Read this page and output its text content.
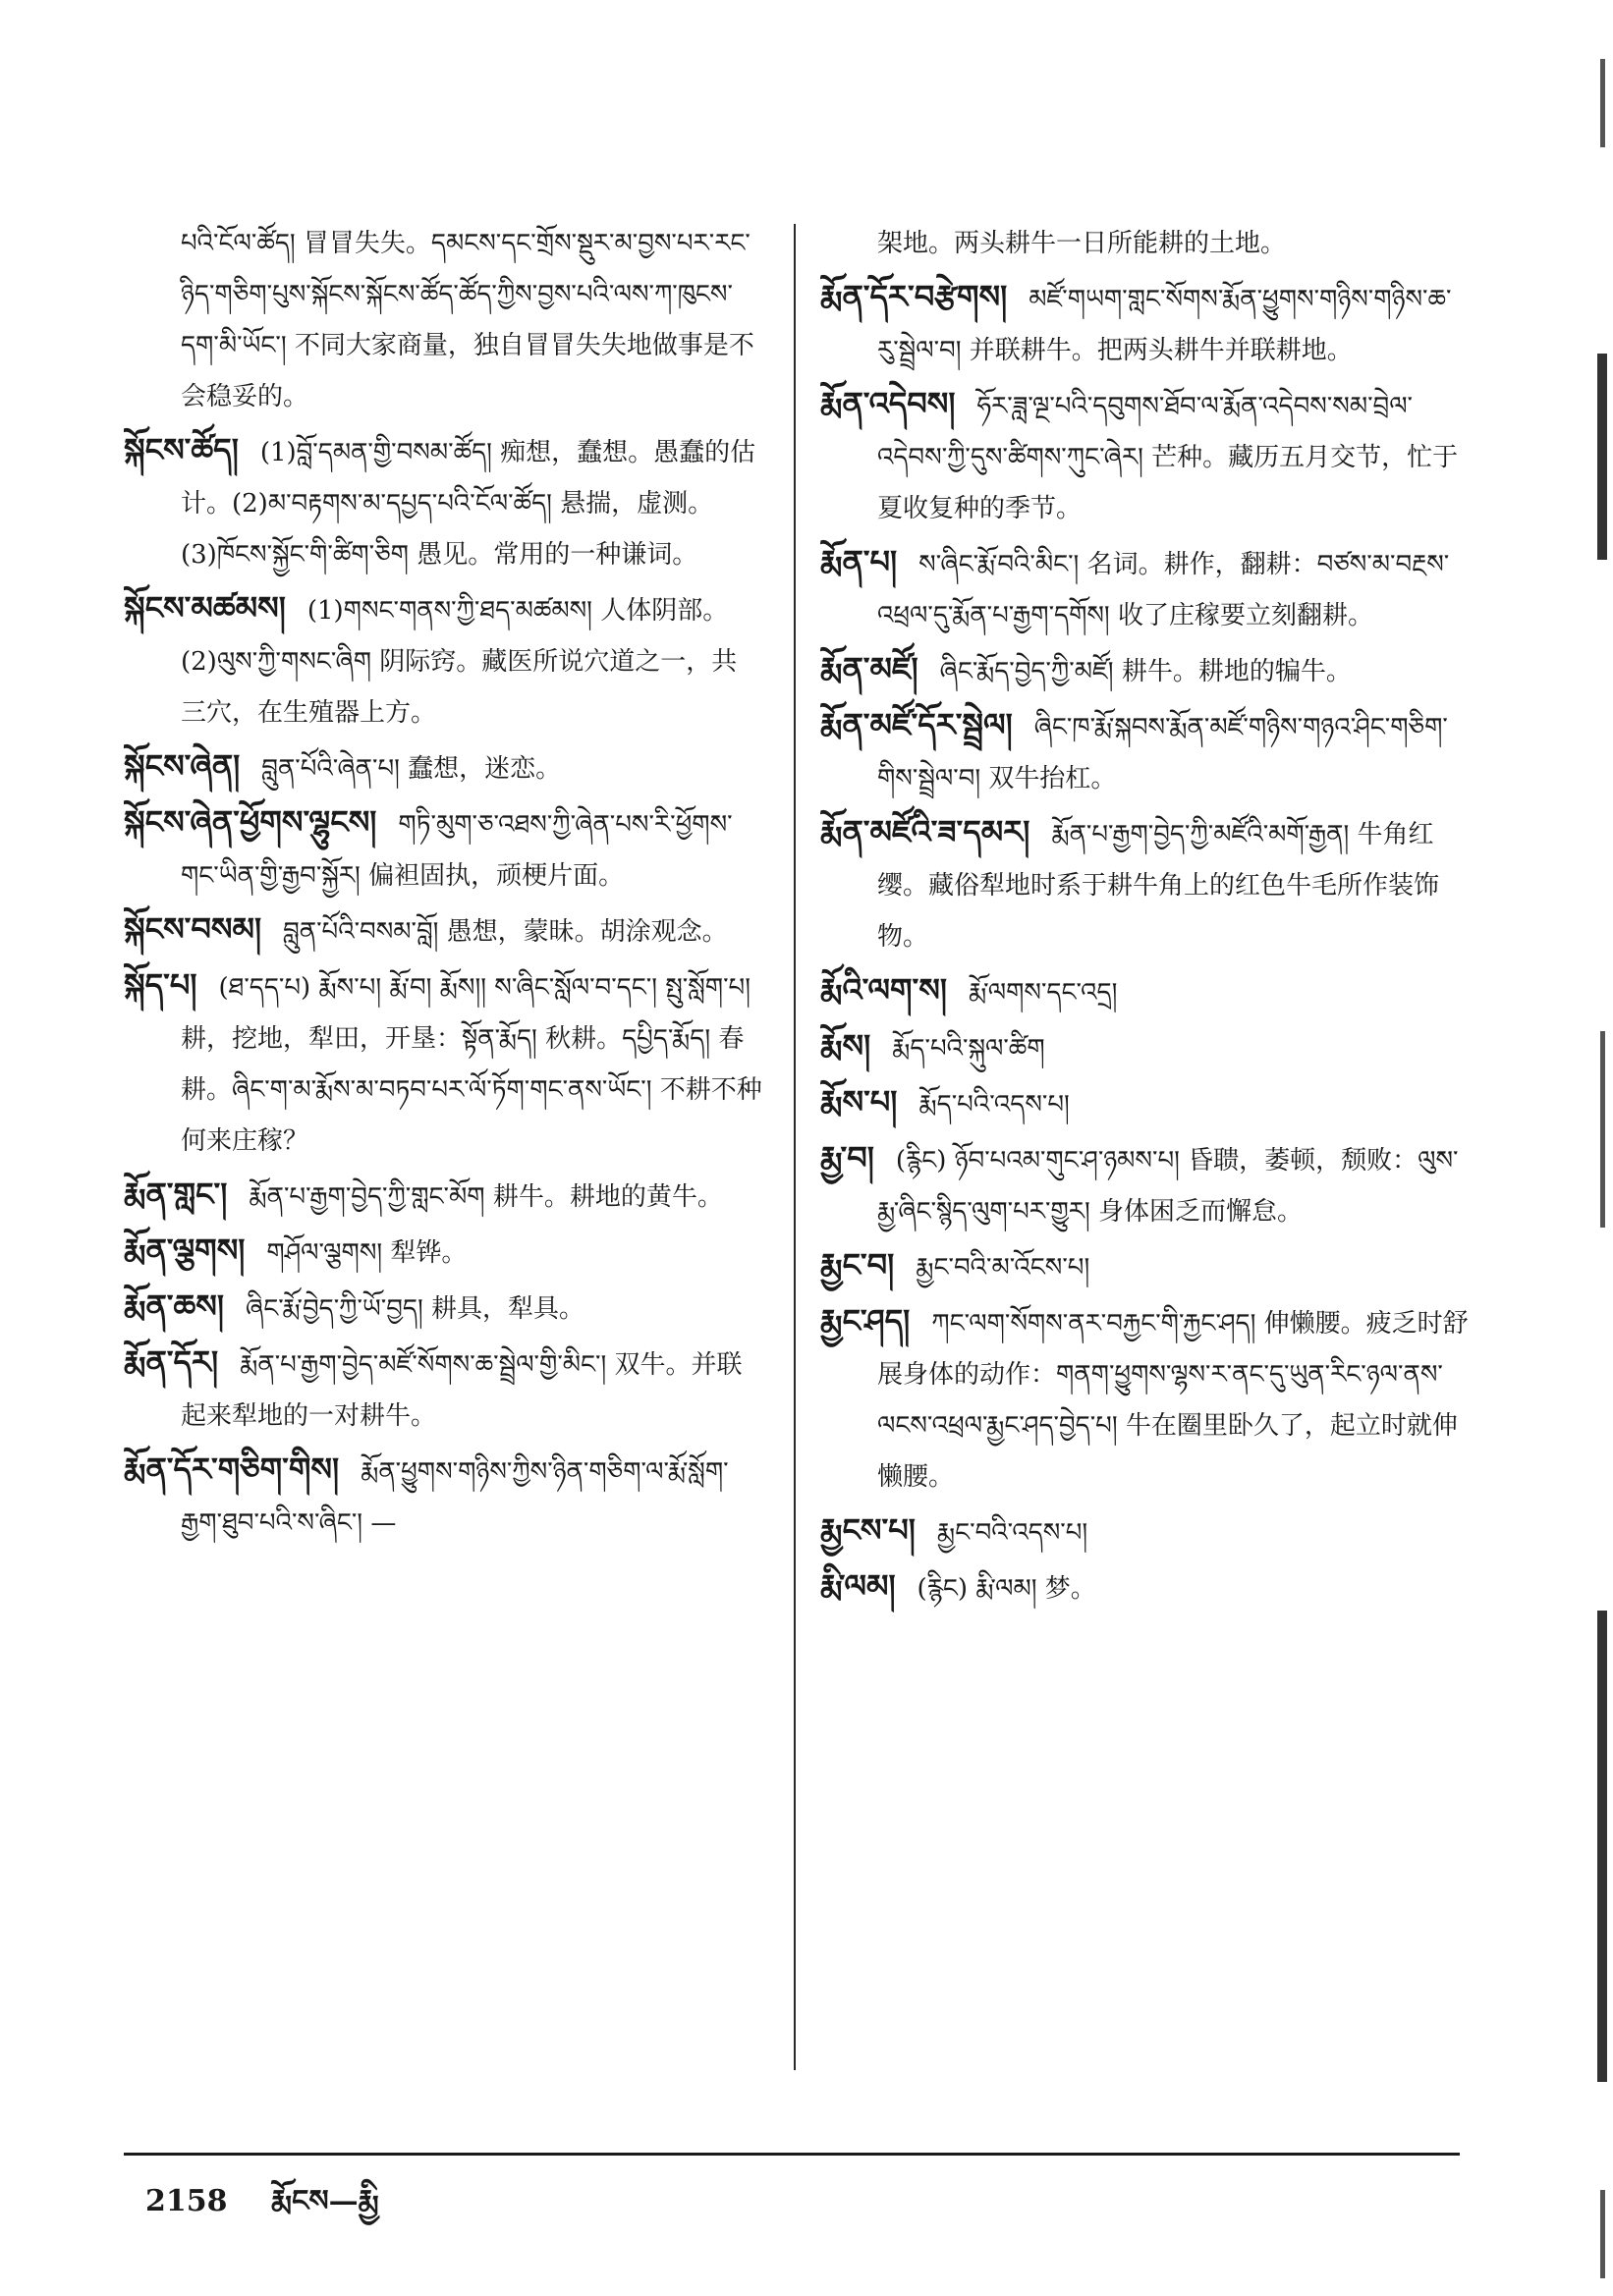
པའི་ངོལ་ཚོད། 冒冒失失。དམངས་དང་གྲོས་སྡུར་མ་བྱས་པར་རང་ཉིད་གཅིག་པུས་སྐོངས་སྐོངས་ཚོད་ཚོད་ཀྱིས་བྱས་པའི་ལས་ཀ་ཁུངས་དག་མི་ཡོང་། 不同大家商量，独自冒冒失失地做事是不会稳妥的。

སྐོངས་ཚོད། (1)བློ་དམན་གྱི་བསམ་ཚོད། 痴想，蠢想。愚蠢的估计。(2)མ་བརྟགས་མ་དཔྱད་པའི་ངོལ་ཚོད། 悬揣，虚测。(3)ཁོངས་སྐྱོང་གི་ཚིག་ཅིག 愚见。常用的一种谦词。

སྐོངས་མཚམས། (1)གསང་གནས་ཀྱི་ཐད་མཚམས། 人体阴部。(2)ལུས་ཀྱི་གསང་ཞིག 阴际窍。藏医所说穴道之一，共三穴，在生殖器上方。

སྐོངས་ཞེན། བླུན་པོའི་ཞེན་པ། 蠢想，迷恋。

སྐོངས་ཞེན་ཕྱོགས་ལྷུངས། གཏི་མུག་ཅ་འཐས་ཀྱི་ཞེན་པས་རི་ཕྱོགས་གང་ཡིན་གྱི་རྒྱབ་སྐྱོར། 偏袒固执，顽梗片面。

སྐོངས་བསམ། བླུན་པོའི་བསམ་བློ། 愚想，蒙昧。胡涂观念。

སྐོད་པ། (ཐ་དད་པ) རྨོས་པ། རྨོ་བ། རྨོས།། ས་ཞིང་སློལ་བ་དང་། སྤུ་སློག་པ། 耕，挖地，犁田，开垦：སྟོན་རྨོད། 秋耕。དཔྱིད་རྨོད། 春耕。ཞིང་ག་མ་རྨོས་མ་བཏབ་པར་ལོ་ཏོག་གང་ནས་ཡོང་། 不耕不种何来庄稼？

རྨོན་གླང་། རྨོན་པ་རྒྱག་བྱེད་ཀྱི་གླང་མོག 耕牛。耕地的黄牛。

རྨོན་ལྕགས། གཤོལ་ལྕགས། 犁铧。

རྨོན་ཆས། ཞིང་རྨོ་བྱེད་ཀྱི་ཡོ་བྱད། 耕具，犁具。

རྨོན་དོར། རྨོན་པ་རྒྱག་བྱེད་མཛོ་སོགས་ཆ་སྦྲེལ་གྱི་མིང་། 双牛。并联起来犁地的一对耕牛。

རྨོན་དོར་གཅིག་གིས། རྨོན་ཕྱུགས་གཉིས་ཀྱིས་ཉིན་གཅིག་ལ་རྨོ་སློག་རྒྱག་ཐུབ་པའི་ས་ཞིང་། —

架地。两头耕牛一日所能耕的土地。

རྨོན་དོར་བརྩེགས། མཛོ་གཡག་གླང་སོགས་རྨོན་ཕྱུགས་གཉིས་གཉིས་ཆ་རུ་སྦྲེལ་བ། 并联耕牛。把两头耕牛并联耕地。

རྨོན་འདེབས། ཧོར་ཟླ་ལྔ་པའི་དབུགས་ཐོབ་ལ་རྨོན་འདེབས་སམ་བྲེལ་འདེབས་ཀྱི་དུས་ཚིགས་ཀུང་ཞེར། 芒种。藏历五月交节，忙于夏收复种的季节。

རྨོན་པ། ས་ཞིང་རྨོ་བའི་མིང་། 名词。耕作，翻耕：བཙས་མ་བརྔས་འཕྲལ་དུ་རྨོན་པ་རྒྱག་དགོས། 收了庄稼要立刻翻耕。

རྨོན་མཛོ། ཞིང་རྨོད་བྱེད་ཀྱི་མཛོ། 耕牛。耕地的犏牛。

རྨོན་མཛོ་དོར་སྦྲེལ། ཞིང་ཁ་རྨོ་སྐབས་རྨོན་མཛོ་གཉིས་གཉའ་ཤིང་གཅིག་གིས་སྦྲེལ་བ། 双牛抬杠。

རྨོན་མཛོའི་ཟ་དམར། རྨོན་པ་རྒྱག་བྱེད་ཀྱི་མཛོའི་མགོ་རྒྱན། 牛角红缨。藏俗犁地时系于耕牛角上的红色牛毛所作装饰物。

རྨོའི་ལག་ས། རྨོ་ལགས་དང་འདྲ།

རྨོས། རྨོད་པའི་སྐུལ་ཚིག

རྨོས་པ། རྨོད་པའི་འདས་པ།

རྨྱ་བ། (རྙིང) ཉོབ་པའམ་གུང་ཤ་ཉམས་པ། 昏聩，萎顿，颓败：ལུས་རྨྱ་ཞིང་སྙིད་ལུག་པར་གྱུར། 身体困乏而懈怠。

རྨྱང་བ། རྨྱང་བའི་མ་འོངས་པ།

རྨྱང་ཤད། ཀང་ལག་སོགས་ནར་བརྐྱང་གི་རྐྱང་ཤད། 伸懒腰。疲乏时舒展身体的动作：གནག་ཕྱུགས་ལྷས་ར་ནང་དུ་ཡུན་རིང་ཉལ་ནས་ལངས་འཕྲལ་རྨྱང་ཤད་བྱེད་པ། 牛在圈里卧久了，起立时就伸懒腰。

རྨྱངས་པ། རྨྱང་བའི་འདས་པ།

རྨི་ལམ། (རྙིང) རྨི་ལམ། 梦。

2158 རྨོངས—རྨྱི
